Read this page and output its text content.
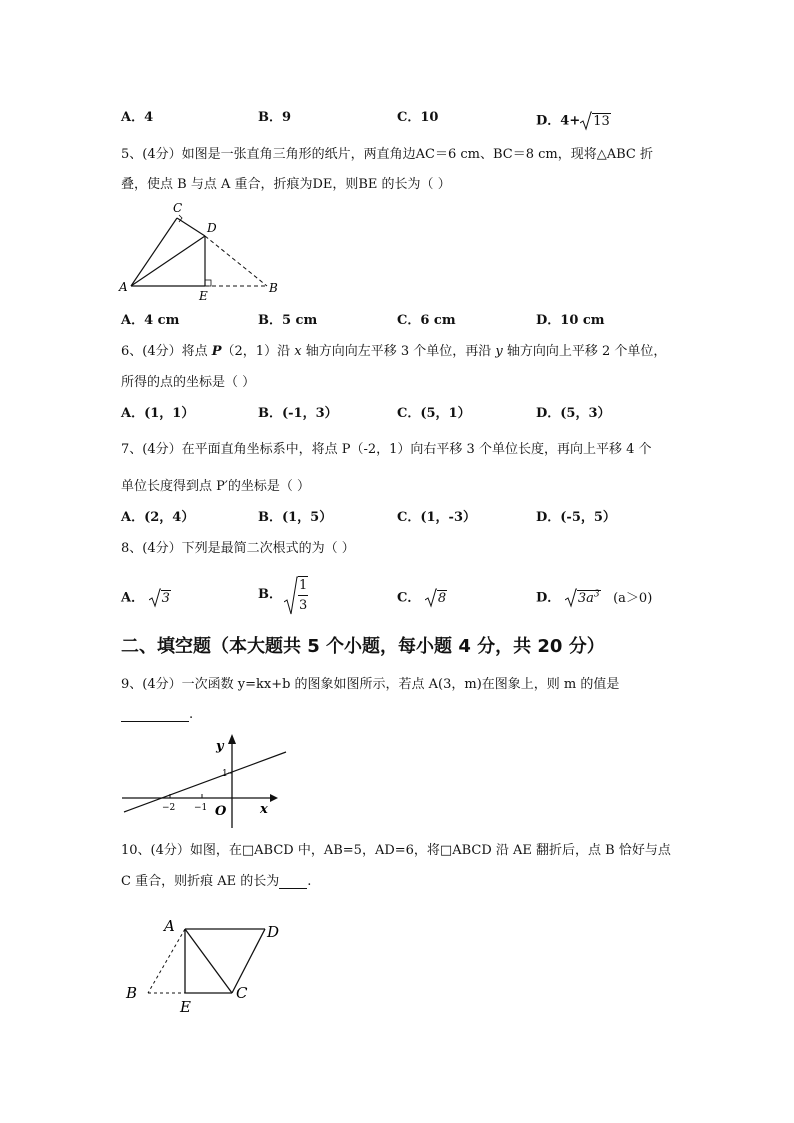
A．4	B．9	C．10	D．4+ 13
5、(4分）如图是一张直角三角形的纸片，两直角边AC＝6 cm、BC＝8 cm，现将△ABC 折
叠，使点 B 与点 A 重合，折痕为DE，则BE 的长为（ ）
A	B
C
D
E
A．4 cm	B．5 cm	C．6 cm	D．10 cm
6、(4分）将点 P（2，1）沿 x 轴方向向左平移 3 个单位，再沿 y 轴方向向上平移 2 个单位，
所得的点的坐标是（ ）
A．(1，1）	B．(-1，3）	C．(5，1）	D．(5，3）
7、(4分）在平面直角坐标系中，将点 P（-2，1）向右平移 3 个单位长度，再向上平移 4 个
单位长度得到点 P′的坐标是（ ）
A．(2，4）	B．(1，5）	C．(1，-3）	D．(-5，5）
8、(4分）下列是最简二次根式的为（ ）
A． 3	B．
1
3	C． 8	D． $3a^3$ (a＞0)
二、填空题（本大题共 5 个小题，每小题 4 分，共 20 分）
9、(4分）一次函数 y=kx+b 的图象如图所示，若点 A(3，m)在图象上，则 m 的值是
.
y
x
O
−2 −1
1
10、(4分）如图，在□ABCD 中，AB=5，AD=6，将□ABCD 沿 AE 翻折后，点 B 恰好与点
C 重合，则折痕 AE 的长为 .
A
B	C
D
E
